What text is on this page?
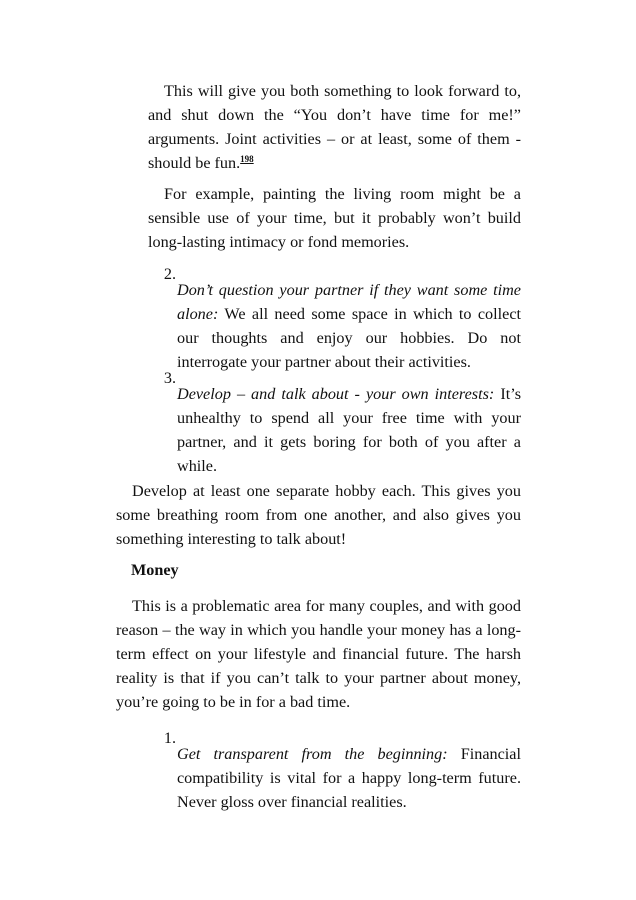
This will give you both something to look forward to, and shut down the “You don’t have time for me!” arguments. Joint activities – or at least, some of them - should be fun.$^{198}$

For example, painting the living room might be a sensible use of your time, but it probably won’t build long-lasting intimacy or fond memories.

2.

Don’t question your partner if they want some time alone: We all need some space in which to collect our thoughts and enjoy our hobbies. Do not interrogate your partner about their activities.

3.

Develop – and talk about - your own interests: It’s unhealthy to spend all your free time with your partner, and it gets boring for both of you after a while.

Develop at least one separate hobby each. This gives you some breathing room from one another, and also gives you something interesting to talk about!

Money

This is a problematic area for many couples, and with good reason – the way in which you handle your money has a long-term effect on your lifestyle and financial future. The harsh reality is that if you can’t talk to your partner about money, you’re going to be in for a bad time.

1.

Get transparent from the beginning: Financial compatibility is vital for a happy long-term future. Never gloss over financial realities.
